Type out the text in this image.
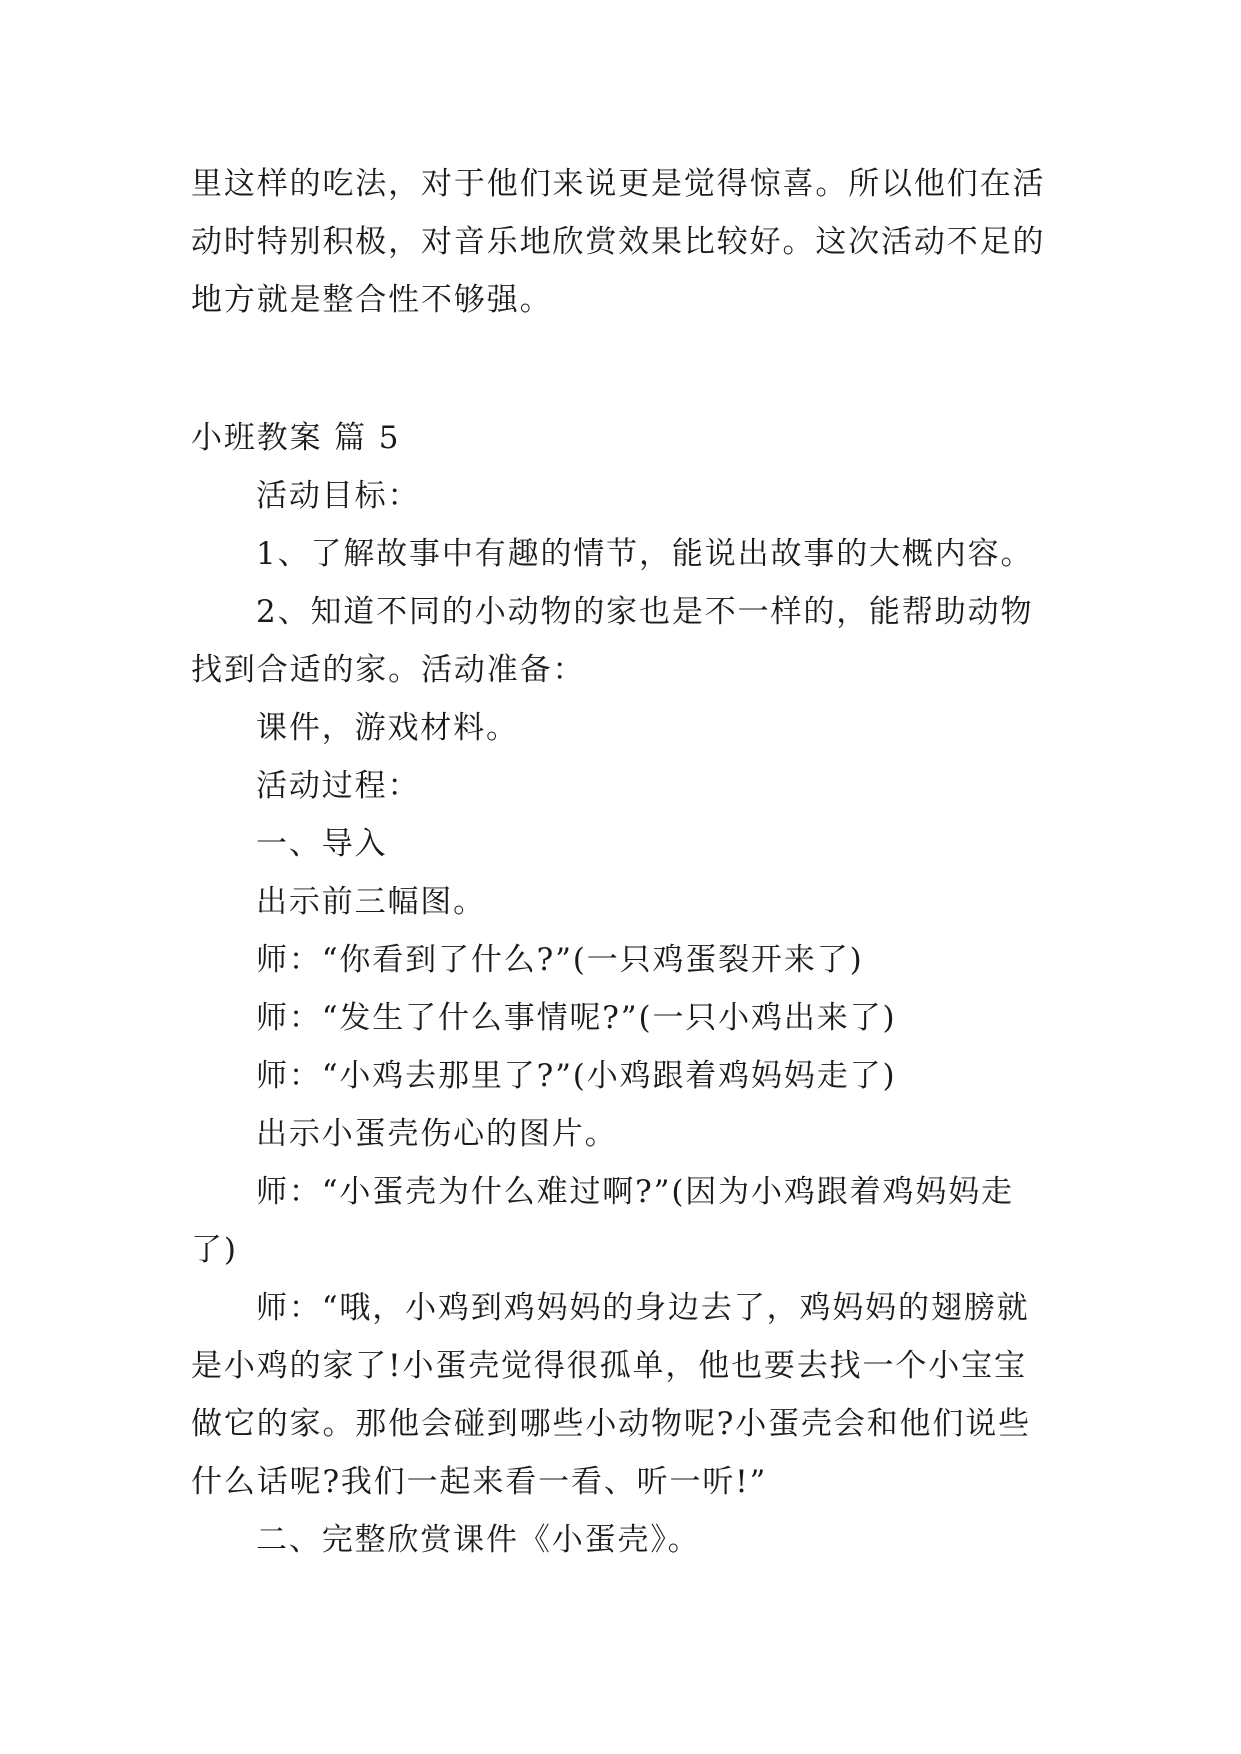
里这样的吃法，对于他们来说更是觉得惊喜。所以他们在活

动时特别积极，对音乐地欣赏效果比较好。这次活动不足的

地方就是整合性不够强。

小班教案 篇 5

活动目标：

1、了解故事中有趣的情节，能说出故事的大概内容。

2、知道不同的小动物的家也是不一样的，能帮助动物

找到合适的家。活动准备：

课件，游戏材料。

活动过程：

一、导入

出示前三幅图。

师：“你看到了什么?”(一只鸡蛋裂开来了)

师：“发生了什么事情呢?”(一只小鸡出来了)

师：“小鸡去那里了?”(小鸡跟着鸡妈妈走了)

出示小蛋壳伤心的图片。

师：“小蛋壳为什么难过啊?”(因为小鸡跟着鸡妈妈走

了)

师：“哦，小鸡到鸡妈妈的身边去了，鸡妈妈的翅膀就

是小鸡的家了!小蛋壳觉得很孤单，他也要去找一个小宝宝

做它的家。那他会碰到哪些小动物呢?小蛋壳会和他们说些

什么话呢?我们一起来看一看、听一听!”

二、完整欣赏课件《小蛋壳》。
